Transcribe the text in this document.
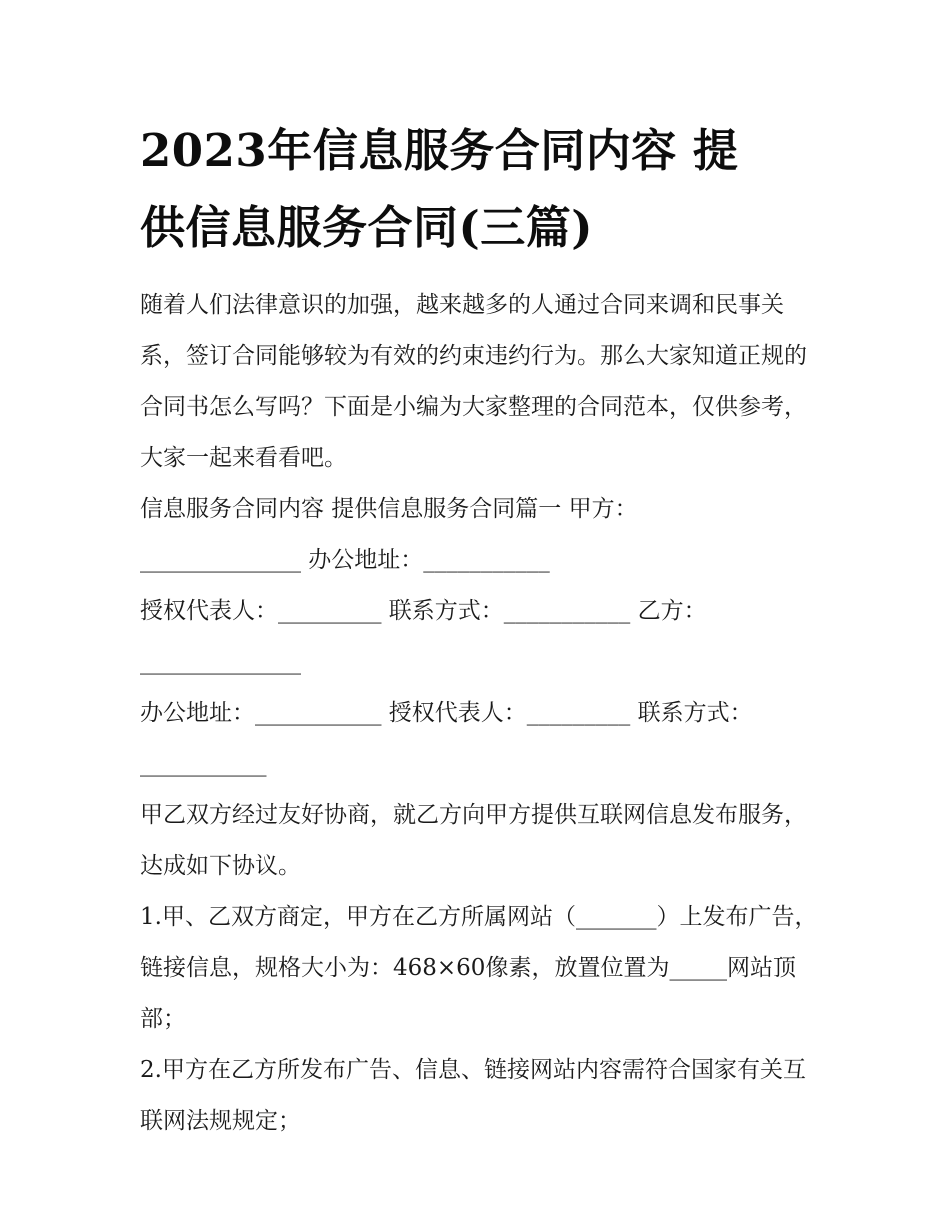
2023年信息服务合同内容 提
供信息服务合同(三篇)

随着人们法律意识的加强，越来越多的人通过合同来调和民事关系，签订合同能够较为有效的约束违约行为。那么大家知道正规的合同书怎么写吗？下面是小编为大家整理的合同范本，仅供参考，大家一起来看看吧。

信息服务合同内容 提供信息服务合同篇一 甲方：

______________ 办公地址：___________

授权代表人：_________ 联系方式：___________ 乙方：

______________

办公地址：___________ 授权代表人：_________ 联系方式：

___________

甲乙双方经过友好协商，就乙方向甲方提供互联网信息发布服务，达成如下协议。

1.甲、乙双方商定，甲方在乙方所属网站（_______）上发布广告，链接信息，规格大小为：468×60像素，放置位置为_____网站顶部；

2.甲方在乙方所发布广告、信息、链接网站内容需符合国家有关互联网法规规定；
